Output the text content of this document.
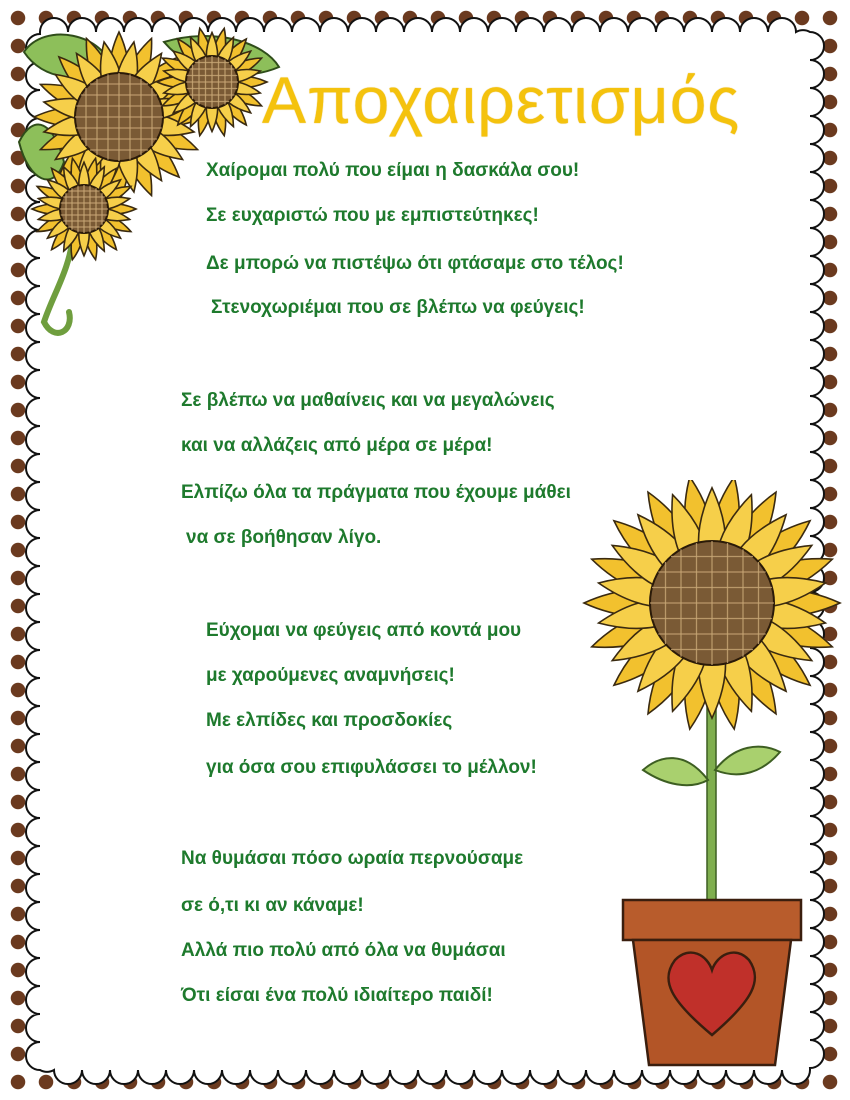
Αποχαιρετισμός
Χαίρομαι πολύ που είμαι η δασκάλα σου!
Σε ευχαριστώ που με εμπιστεύτηκες!
Δε μπορώ να πιστέψω ότι φτάσαμε στο τέλος!
Στενοχωριέμαι που σε βλέπω να φεύγεις!
Σε βλέπω να μαθαίνεις και να μεγαλώνεις
και να αλλάζεις από μέρα σε μέρα!
Ελπίζω όλα τα πράγματα που έχουμε μάθει
να σε βοήθησαν λίγο.
Εύχομαι να φεύγεις από κοντά μου
με χαρούμενες αναμνήσεις!
Με ελπίδες και προσδοκίες
για όσα σου επιφυλάσσει το μέλλον!
Να θυμάσαι πόσο ωραία περνούσαμε
σε ό,τι κι αν κάναμε!
Αλλά πιο πολύ από όλα να θυμάσαι
Ότι είσαι ένα πολύ ιδιαίτερο παιδί!
